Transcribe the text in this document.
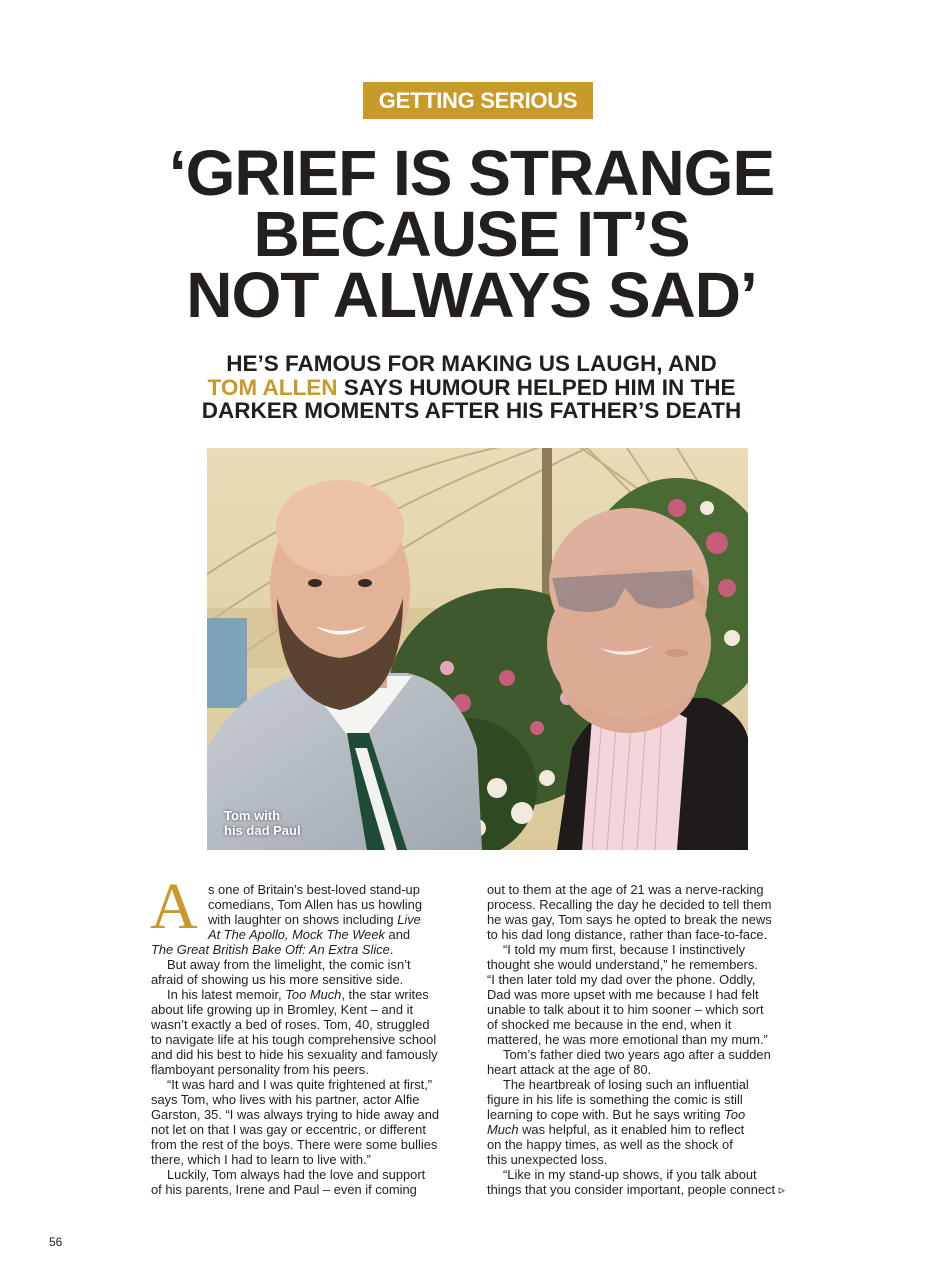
GETTING SERIOUS
‘GRIEF IS STRANGE
BECAUSE IT’S
NOT ALWAYS SAD’
HE’S FAMOUS FOR MAKING US LAUGH, AND
TOM ALLEN SAYS HUMOUR HELPED HIM IN THE
DARKER MOMENTS AFTER HIS FATHER’S DEATH
Tom with
his dad Paul
A s one of Britain’s best-loved stand-up
comedians, Tom Allen has us howling
with laughter on shows including Live
At The Apollo, Mock The Week and
The Great British Bake Off: An Extra Slice.
But away from the limelight, the comic isn’t
afraid of showing us his more sensitive side.
In his latest memoir, Too Much, the star writes
about life growing up in Bromley, Kent – and it
wasn’t exactly a bed of roses. Tom, 40, struggled
to navigate life at his tough comprehensive school
and did his best to hide his sexuality and famously
flamboyant personality from his peers.
“It was hard and I was quite frightened at first,”
says Tom, who lives with his partner, actor Alfie
Garston, 35. “I was always trying to hide away and
not let on that I was gay or eccentric, or different
from the rest of the boys. There were some bullies
there, which I had to learn to live with.”
Luckily, Tom always had the love and support
of his parents, Irene and Paul – even if coming
out to them at the age of 21 was a nerve-racking
process. Recalling the day he decided to tell them
he was gay, Tom says he opted to break the news
to his dad long distance, rather than face-to-face.
“I told my mum first, because I instinctively
thought she would understand,” he remembers.
“I then later told my dad over the phone. Oddly,
Dad was more upset with me because I had felt
unable to talk about it to him sooner – which sort
of shocked me because in the end, when it
mattered, he was more emotional than my mum.”
Tom’s father died two years ago after a sudden
heart attack at the age of 80.
The heartbreak of losing such an influential
figure in his life is something the comic is still
learning to cope with. But he says writing Too
Much was helpful, as it enabled him to reflect
on the happy times, as well as the shock of
this unexpected loss.
“Like in my stand-up shows, if you talk about
things that you consider important, people connect ▹
56
